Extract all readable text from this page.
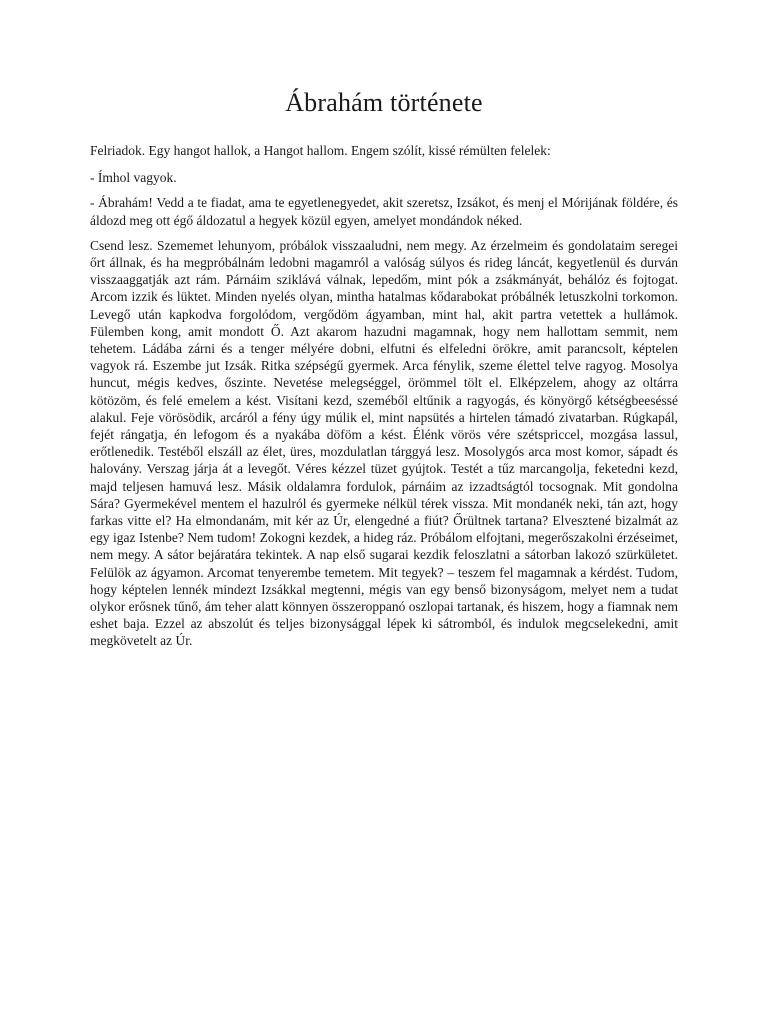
Ábrahám története

Felriadok. Egy hangot hallok, a Hangot hallom. Engem szólít, kissé rémülten felelek:

- Ímhol vagyok.

- Ábrahám! Vedd a te fiadat, ama te egyetlenegyedet, akit szeretsz, Izsákot, és menj el Mórijának földére, és áldozd meg ott égő áldozatul a hegyek közül egyen, amelyet mondándok néked.

Csend lesz. Szememet lehunyom, próbálok visszaaludni, nem megy. Az érzelmeim és gondolataim seregei őrt állnak, és ha megpróbálnám ledobni magamról a valóság súlyos és rideg láncát, kegyetlenül és durván visszaaggatják azt rám. Párnáim sziklává válnak, lepedőm, mint pók a zsákmányát, behálóz és fojtogat. Arcom izzik és lüktet. Minden nyelés olyan, mintha hatalmas kődarabokat próbálnék letuszkolni torkomon. Levegő után kapkodva forgolódom, vergődöm ágyamban, mint hal, akit partra vetettek a hullámok. Fülemben kong, amit mondott Ő. Azt akarom hazudni magamnak, hogy nem hallottam semmit, nem tehetem. Ládába zárni és a tenger mélyére dobni, elfutni és elfeledni örökre, amit parancsolt, képtelen vagyok rá. Eszembe jut Izsák. Ritka szépségű gyermek. Arca fénylik, szeme élettel telve ragyog. Mosolya huncut, mégis kedves, őszinte. Nevetése melegséggel, örömmel tölt el. Elképzelem, ahogy az oltárra kötözöm, és felé emelem a kést. Visítani kezd, szeméből eltűnik a ragyogás, és könyörgő kétségbeeséssé alakul. Feje vörösödik, arcáról a fény úgy múlik el, mint napsütés a hirtelen támadó zivatarban. Rúgkapál, fejét rángatja, én lefogom és a nyakába döföm a kést. Élénk vörös vére szétspriccel, mozgása lassul, erőtlenedik. Testéből elszáll az élet, üres, mozdulatlan tárggyá lesz. Mosolygós arca most komor, sápadt és halovány. Verszag járja át a levegőt. Véres kézzel tüzet gyújtok. Testét a tűz marcangolja, feketedni kezd, majd teljesen hamuvá lesz. Másik oldalamra fordulok, párnáim az izzadtságtól tocsognak. Mit gondolna Sára? Gyermekével mentem el hazulról és gyermeke nélkül térek vissza. Mit mondanék neki, tán azt, hogy farkas vitte el? Ha elmondanám, mit kér az Úr, elengedné a fiút? Őrültnek tartana? Elvesztené bizalmát az egy igaz Istenbe? Nem tudom! Zokogni kezdek, a hideg ráz. Próbálom elfojtani, megerőszakolni érzéseimet, nem megy. A sátor bejáratára tekintek. A nap első sugarai kezdik feloszlatni a sátorban lakozó szürkületet. Felülök az ágyamon. Arcomat tenyerembe temetem. Mit tegyek? – teszem fel magamnak a kérdést. Tudom, hogy képtelen lennék mindezt Izsákkal megtenni, mégis van egy benső bizonyságom, melyet nem a tudat olykor erősnek tűnő, ám teher alatt könnyen összeroppanó oszlopai tartanak, és hiszem, hogy a fiamnak nem eshet baja. Ezzel az abszolút és teljes bizonysággal lépek ki sátromból, és indulok megcselekedni, amit megkövetelt az Úr.
